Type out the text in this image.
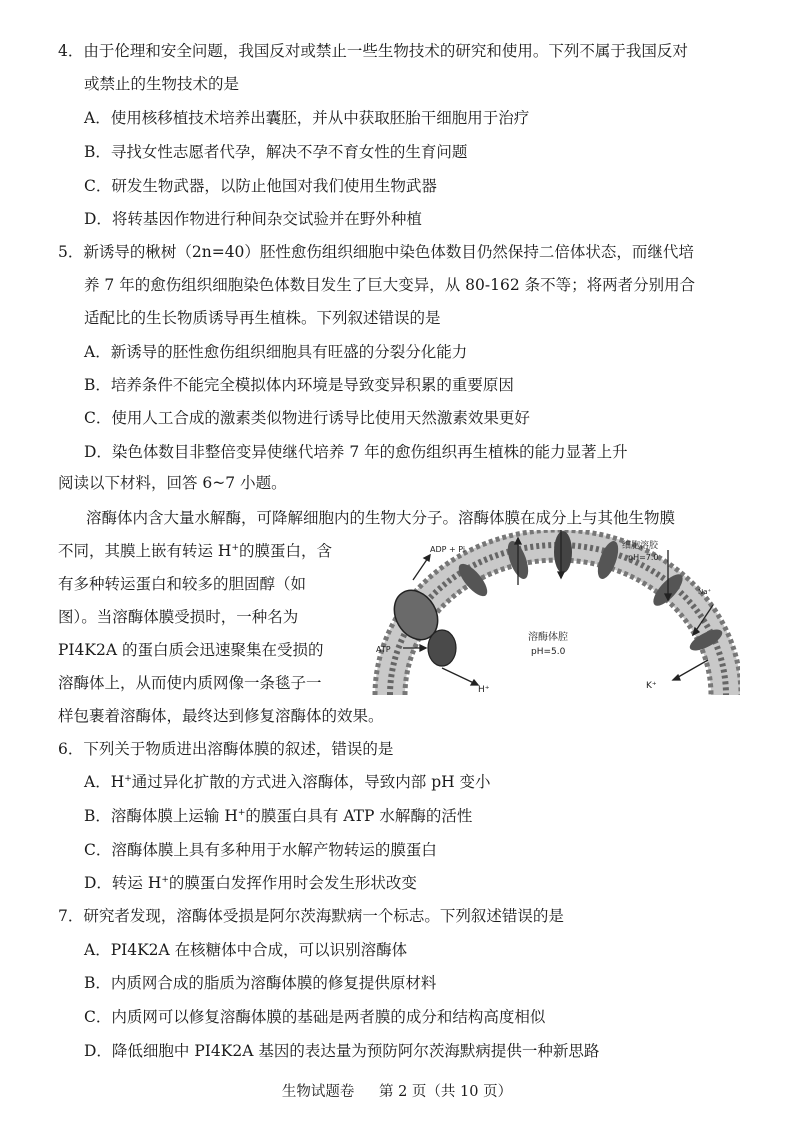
4．由于伦理和安全问题，我国反对或禁止一些生物技术的研究和使用。下列不属于我国反对
或禁止的生物技术的是
A．使用核移植技术培养出囊胚，并从中获取胚胎干细胞用于治疗
B．寻找女性志愿者代孕，解决不孕不育女性的生育问题
C．研发生物武器，以防止他国对我们使用生物武器
D．将转基因作物进行种间杂交试验并在野外种植
5．新诱导的楸树（2n=40）胚性愈伤组织细胞中染色体数目仍然保持二倍体状态，而继代培
养 7 年的愈伤组织细胞染色体数目发生了巨大变异，从 80-162 条不等；将两者分别用合
适配比的生长物质诱导再生植株。下列叙述错误的是
A．新诱导的胚性愈伤组织细胞具有旺盛的分裂分化能力
B．培养条件不能完全模拟体内环境是导致变异积累的重要原因
C．使用人工合成的激素类似物进行诱导比使用天然激素效果更好
D．染色体数目非整倍变异使继代培养 7 年的愈伤组织再生植株的能力显著上升
阅读以下材料，回答 6~7 小题。
溶酶体内含大量水解酶，可降解细胞内的生物大分子。溶酶体膜在成分上与其他生物膜
不同，其膜上嵌有转运 H+的膜蛋白，含
有多种转运蛋白和较多的胆固醇（如
图）。当溶酶体膜受损时，一种名为
PI4K2A 的蛋白质会迅速聚集在受损的
溶酶体上，从而使内质网像一条毯子一
样包裹着溶酶体，最终达到修复溶酶体的效果。
ADP + Pi
ATP
H⁺	K⁺
Na⁺
细胞溶胶
pH=7.0
溶酶体腔
pH=5.0
6．下列关于物质进出溶酶体膜的叙述，错误的是
A．H+通过异化扩散的方式进入溶酶体，导致内部 pH 变小
B．溶酶体膜上运输 H+的膜蛋白具有 ATP 水解酶的活性
C．溶酶体膜上具有多种用于水解产物转运的膜蛋白
D．转运 H+的膜蛋白发挥作用时会发生形状改变
7．研究者发现，溶酶体受损是阿尔茨海默病一个标志。下列叙述错误的是
A．PI4K2A 在核糖体中合成，可以识别溶酶体
B．内质网合成的脂质为溶酶体膜的修复提供原材料
C．内质网可以修复溶酶体膜的基础是两者膜的成分和结构高度相似
D．降低细胞中 PI4K2A 基因的表达量为预防阿尔茨海默病提供一种新思路
生物试题卷 第 2 页（共 10 页）
